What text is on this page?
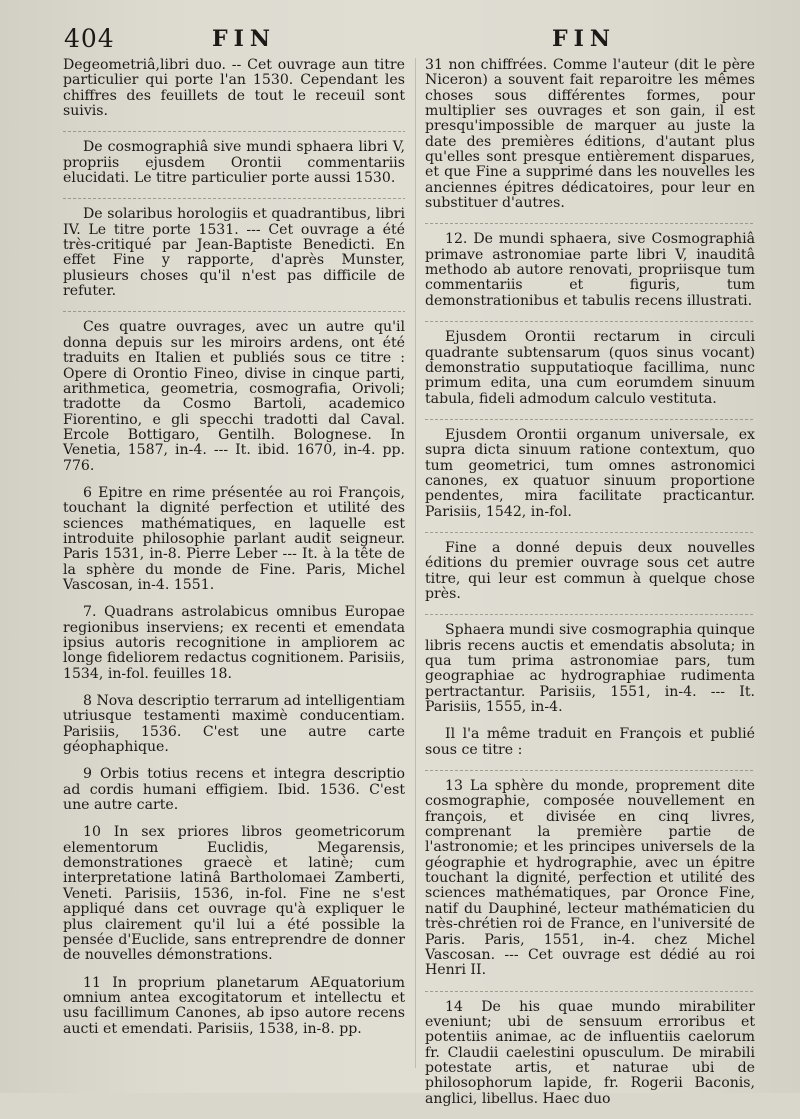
404	FIN	FIN

Degeometriâ,libri duo. -- Cet ouvrage aun titre particulier qui porte l'an 1530. Cependant les chiffres des feuillets de tout le receuil sont suivis.

De cosmographiâ sive mundi sphaera libri V, propriis ejusdem Orontii commentariis elucidati. Le titre particulier porte aussi 1530.

De solaribus horologiis et quadrantibus, libri IV. Le titre porte 1531. --- Cet ouvrage a été très-critiqué par Jean-Baptiste Benedicti. En effet Fine y rapporte, d'après Munster, plusieurs choses qu'il n'est pas difficile de refuter.

Ces quatre ouvrages, avec un autre qu'il donna depuis sur les miroirs ardens, ont été traduits en Italien et publiés sous ce titre : Opere di Orontio Fineo, divise in cinque parti, arithmetica, geometria, cosmografia, Orivoli; tradotte da Cosmo Bartoli, academico Fiorentino, e gli specchi tradotti dal Caval. Ercole Bottigaro, Gentilh. Bolognese. In Venetia, 1587, in-4. --- It. ibid. 1670, in-4. pp. 776.

6 Epitre en rime présentée au roi François, touchant la dignité perfection et utilité des sciences mathématiques, en laquelle est introduite philosophie parlant audit seigneur. Paris 1531, in-8. Pierre Leber --- It. à la tête de la sphère du monde de Fine. Paris, Michel Vascosan, in-4. 1551.

7. Quadrans astrolabicus omnibus Europae regionibus inserviens; ex recenti et emendata ipsius autoris recognitione in ampliorem ac longe fideliorem redactus cognitionem. Parisiis, 1534, in-fol. feuilles 18.

8 Nova descriptio terrarum ad intelligentiam utriusque testamenti maximè conducentiam. Parisiis, 1536. C'est une autre carte géophaphique.

9 Orbis totius recens et integra descriptio ad cordis humani effigiem. Ibid. 1536. C'est une autre carte.

10 In sex priores libros geometricorum elementorum Euclidis, Megarensis, demonstrationes graecè et latinè; cum interpretatione latinâ Bartholomaei Zamberti, Veneti. Parisiis, 1536, in-fol. Fine ne s'est appliqué dans cet ouvrage qu'à expliquer le plus clairement qu'il lui a été possible la pensée d'Euclide, sans entreprendre de donner de nouvelles démonstrations.

11 In proprium planetarum AEquatorium omnium antea excogitatorum et intellectu et usu facillimum Canones, ab ipso autore recens aucti et emendati. Parisiis, 1538, in-8. pp.

31 non chiffrées. Comme l'auteur (dit le père Niceron) a souvent fait reparoitre les mêmes choses sous différentes formes, pour multiplier ses ouvrages et son gain, il est presqu'impossible de marquer au juste la date des premières éditions, d'autant plus qu'elles sont presque entièrement disparues, et que Fine a supprimé dans les nouvelles les anciennes épitres dédicatoires, pour leur en substituer d'autres.

12. De mundi sphaera, sive Cosmographiâ primave astronomiae parte libri V, inauditâ methodo ab autore renovati, propriisque tum commentariis et figuris, tum demonstrationibus et tabulis recens illustrati.

Ejusdem Orontii rectarum in circuli quadrante subtensarum (quos sinus vocant) demonstratio supputatioque facillima, nunc primum edita, una cum eorumdem sinuum tabula, fideli admodum calculo vestituta.

Ejusdem Orontii organum universale, ex supra dicta sinuum ratione contextum, quo tum geometrici, tum omnes astronomici canones, ex quatuor sinuum proportione pendentes, mira facilitate practicantur. Parisiis, 1542, in-fol.

Fine a donné depuis deux nouvelles éditions du premier ouvrage sous cet autre titre, qui leur est commun à quelque chose près.

Sphaera mundi sive cosmographia quinque libris recens auctis et emendatis absoluta; in qua tum prima astronomiae pars, tum geographiae ac hydrographiae rudimenta pertractantur. Parisiis, 1551, in-4. --- It. Parisiis, 1555, in-4.

Il l'a même traduit en François et publié sous ce titre :

13 La sphère du monde, proprement dite cosmographie, composée nouvellement en françois, et divisée en cinq livres, comprenant la première partie de l'astronomie; et les principes universels de la géographie et hydrographie, avec un épitre touchant la dignité, perfection et utilité des sciences mathématiques, par Oronce Fine, natif du Dauphiné, lecteur mathématicien du très-chrétien roi de France, en l'université de Paris. Paris, 1551, in-4. chez Michel Vascosan. --- Cet ouvrage est dédié au roi Henri II.

14 De his quae mundo mirabiliter eveniunt; ubi de sensuum erroribus et potentiis animae, ac de influentiis caelorum fr. Claudii caelestini opusculum. De mirabili potestate artis, et naturae ubi de philosophorum lapide, fr. Rogerii Baconis, anglici, libellus. Haec duo
